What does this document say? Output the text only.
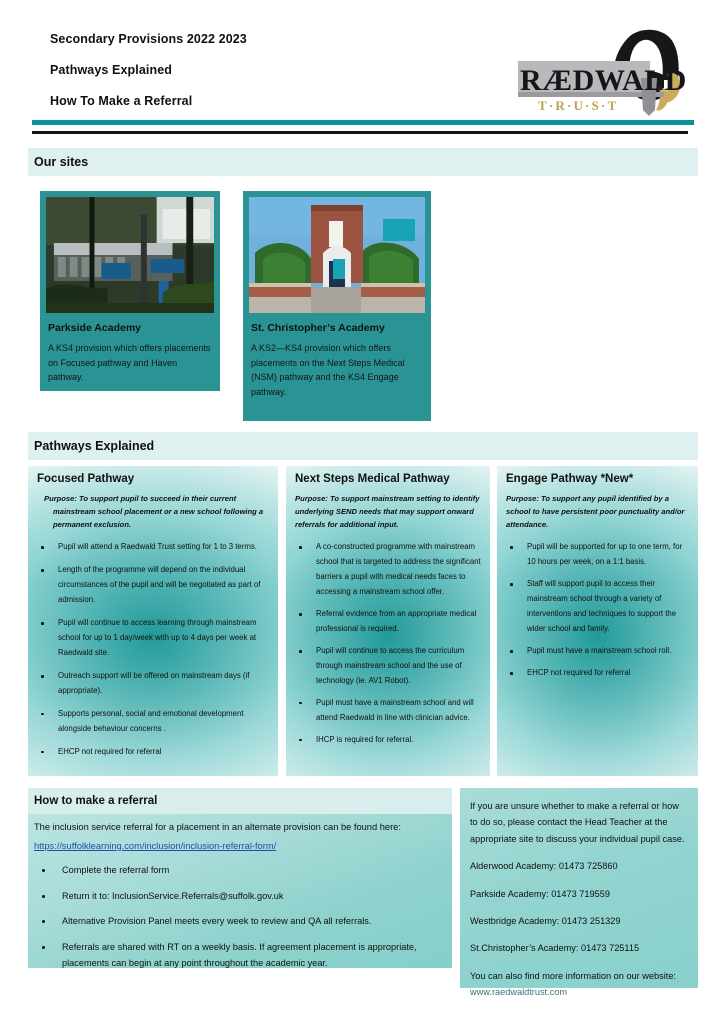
Secondary Provisions 2022 2023
Pathways Explained
How To Make a Referral
RÆDWALD
T·R·U·S·T
Our sites
Parkside Academy
A KS4 provision which offers placements on Focused pathway and Haven pathway.
St. Christopher’s Academy
A KS2—KS4 provision which offers placements on the Next Steps Medical (NSM) pathway and the KS4 Engage pathway.
Pathways Explained
Focused Pathway
Purpose: To support pupil to succeed in their current mainstream school placement or a new school following a permanent exclusion.
Pupil will attend a Raedwald Trust setting for 1 to 3 terms.
Length of the programme will depend on the individual circumstances of the pupil and will be negotiated as part of admission.
Pupil will continue to access learning through mainstream school for up to 1 day/week with up to 4 days per week at Raedwald site.
Outreach support will be offered on mainstream days (if appropriate).
Supports personal, social and emotional development alongside behaviour concerns .
EHCP not required for referral
Next Steps Medical Pathway
Purpose: To support mainstream setting to identify underlying SEND needs that may support onward referrals for additional input.
A co-constructed programme with mainstream school that is targeted to address the significant barriers a pupil with medical needs faces to accessing a mainstream school offer.
Referral evidence from an appropriate medical professional is required.
Pupil will continue to access the curriculum through mainstream school and the use of technology (ie. AV1 Robot).
Pupil must have a mainstream school and will attend Raedwald in line with clinician advice.
IHCP is required for referral.
Engage Pathway *New*
Purpose: To support any pupil identified by a school to have persistent poor punctuality and/or attendance.
Pupil will be supported for up to one term, for 10 hours per week, on a 1:1 basis.
Staff will support pupil to access their mainstream school through a variety of interventions and techniques to support the wider school and family.
Pupil must have a mainstream school roll.
EHCP not required for referral
How to make a referral
The inclusion service referral for a placement in an alternate provision can be found here:
https://suffolklearning.com/inclusion/inclusion-referral-form/
Complete the referral form
Return it to: InclusionService.Referrals@suffolk.gov.uk
Alternative Provision Panel meets every week to review and QA all referrals.
Referrals are shared with RT on a weekly basis. If agreement placement is appropriate, placements can begin at any point throughout the academic year.

If you are unsure whether to make a referral or how to do so, please contact the Head Teacher at the appropriate site to discuss your individual pupil case.

Alderwood Academy: 01473 725860

Parkside Academy: 01473 719559

Westbridge Academy: 01473 251329

St.Christopher’s Academy: 01473 725115

You can also find more information on our website: www.raedwaldtrust.com
